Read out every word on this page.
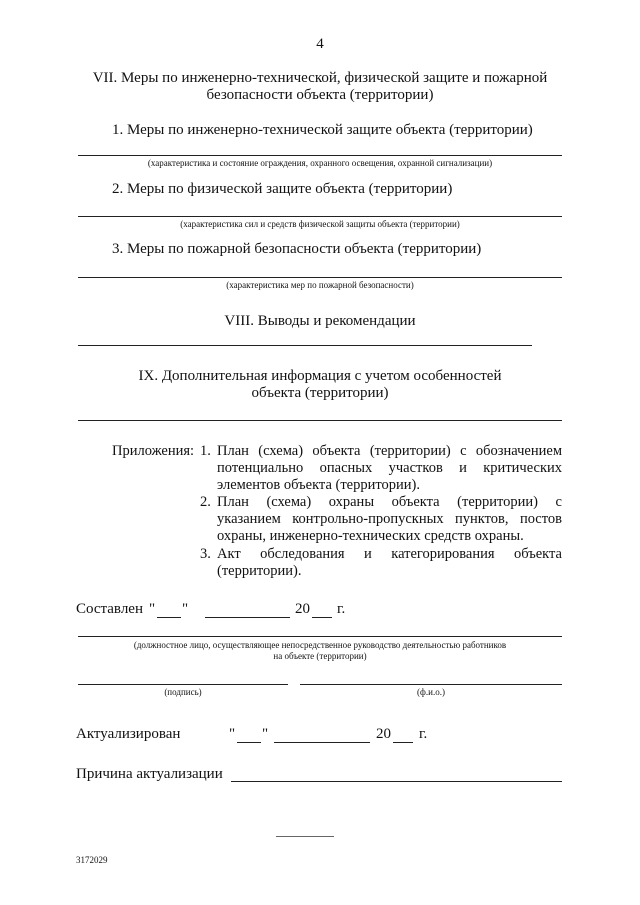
4
VII. Меры по инженерно-технической, физической защите и пожарной
безопасности объекта (территории)
1. Меры по инженерно-технической защите объекта (территории)
(характеристика и состояние ограждения, охранного освещения, охранной сигнализации)
2. Меры по физической защите объекта (территории)
(характеристика сил и средств физической защиты объекта (территории)
3. Меры по пожарной безопасности объекта (территории)
(характеристика мер по пожарной безопасности)
VIII. Выводы и рекомендации
IX. Дополнительная информация с учетом особенностей
объекта (территории)
Приложения: 1. План (схема) объекта (территории) с обозначением
потенциально опасных участков и критических
элементов объекта (территории).
2. План (схема) охраны объекта (территории) с
указанием контрольно-пропускных пунктов, постов
охраны, инженерно-технических средств охраны.
3. Акт обследования и категорирования объекта
(территории).
Составлен " "	20 г.
(должностное лицо, осуществляющее непосредственное руководство деятельностью работников
на объекте (территории)
(подпись)	(ф.и.о.)
Актуализирован	" "	20 г.
Причина актуализации
3172029
